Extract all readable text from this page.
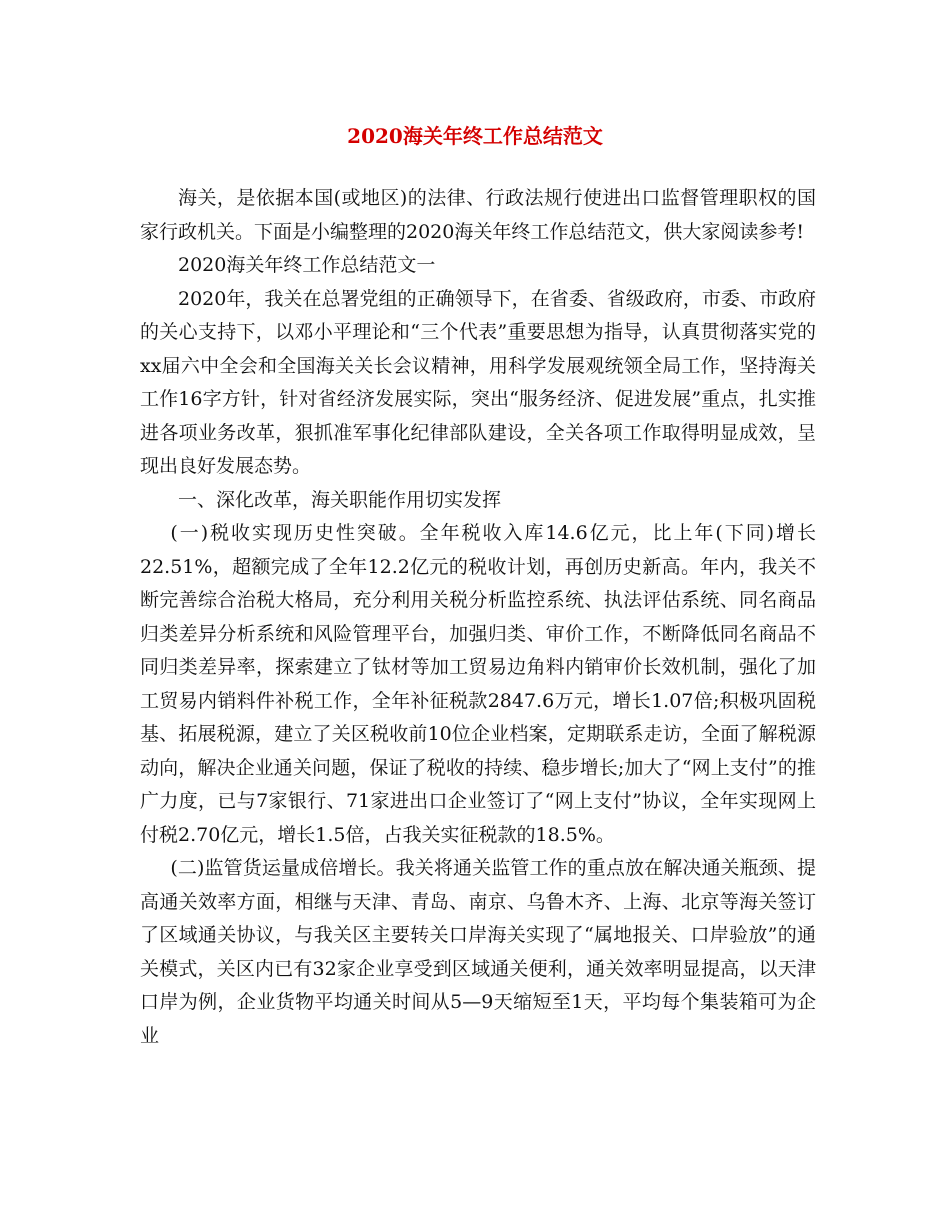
2020海关年终工作总结范文

海关，是依据本国(或地区)的法律、行政法规行使进出口监督管理职权的国家行政机关。下面是小编整理的2020海关年终工作总结范文，供大家阅读参考!

2020海关年终工作总结范文一

2020年，我关在总署党组的正确领导下，在省委、省级政府，市委、市政府的关心支持下，以邓小平理论和“三个代表”重要思想为指导，认真贯彻落实党的xx届六中全会和全国海关关长会议精神，用科学发展观统领全局工作，坚持海关工作16字方针，针对省经济发展实际，突出“服务经济、促进发展”重点，扎实推进各项业务改革，狠抓准军事化纪律部队建设，全关各项工作取得明显成效，呈现出良好发展态势。

一、深化改革，海关职能作用切实发挥

(一)税收实现历史性突破。全年税收入库14.6亿元，比上年(下同)增长22.51%，超额完成了全年12.2亿元的税收计划，再创历史新高。年内，我关不断完善综合治税大格局，充分利用关税分析监控系统、执法评估系统、同名商品归类差异分析系统和风险管理平台，加强归类、审价工作，不断降低同名商品不同归类差异率，探索建立了钛材等加工贸易边角料内销审价长效机制，强化了加工贸易内销料件补税工作，全年补征税款2847.6万元，增长1.07倍;积极巩固税基、拓展税源，建立了关区税收前10位企业档案，定期联系走访，全面了解税源动向，解决企业通关问题，保证了税收的持续、稳步增长;加大了“网上支付”的推广力度，已与7家银行、71家进出口企业签订了“网上支付”协议，全年实现网上付税2.70亿元，增长1.5倍，占我关实征税款的18.5%。

(二)监管货运量成倍增长。我关将通关监管工作的重点放在解决通关瓶颈、提高通关效率方面，相继与天津、青岛、南京、乌鲁木齐、上海、北京等海关签订了区域通关协议，与我关区主要转关口岸海关实现了“属地报关、口岸验放”的通关模式，关区内已有32家企业享受到区域通关便利，通关效率明显提高，以天津口岸为例，企业货物平均通关时间从5—9天缩短至1天，平均每个集装箱可为企业
